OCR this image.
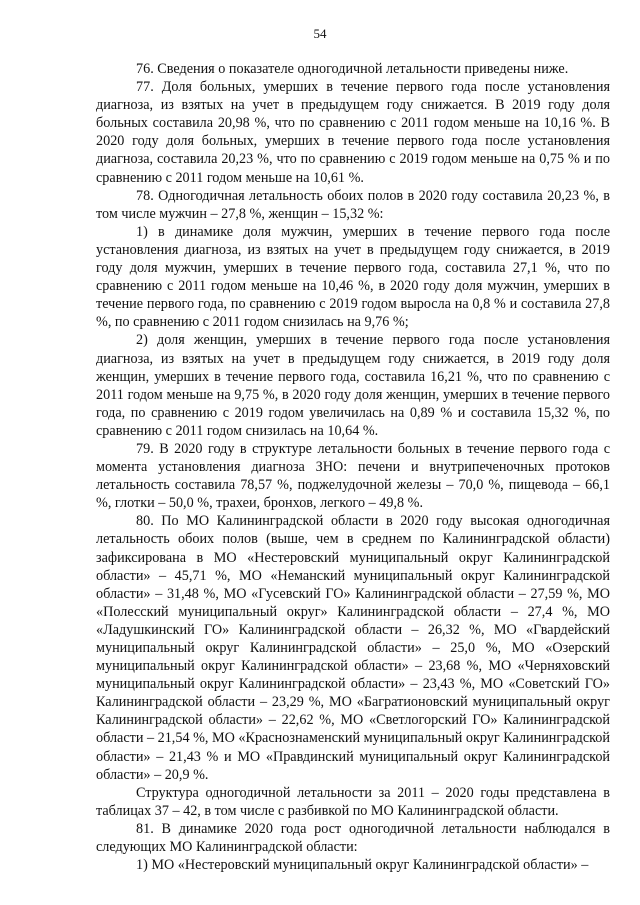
54

76. Сведения о показателе одногодичной летальности приведены ниже.

77. Доля больных, умерших в течение первого года после установления диагноза, из взятых на учет в предыдущем году снижается. В 2019 году доля больных составила 20,98 %, что по сравнению с 2011 годом меньше на 10,16 %. В 2020 году доля больных, умерших в течение первого года после установления диагноза, составила 20,23 %, что по сравнению с 2019 годом меньше на 0,75 % и по сравнению с 2011 годом меньше на 10,61 %.

78. Одногодичная летальность обоих полов в 2020 году составила 20,23 %, в том числе мужчин – 27,8 %, женщин – 15,32 %:

1) в динамике доля мужчин, умерших в течение первого года после установления диагноза, из взятых на учет в предыдущем году снижается, в 2019 году доля мужчин, умерших в течение первого года, составила 27,1 %, что по сравнению с 2011 годом меньше на 10,46 %, в 2020 году доля мужчин, умерших в течение первого года, по сравнению с 2019 годом выросла на 0,8 % и составила 27,8 %, по сравнению с 2011 годом снизилась на 9,76 %;

2) доля женщин, умерших в течение первого года после установления диагноза, из взятых на учет в предыдущем году снижается, в 2019 году доля женщин, умерших в течение первого года, составила 16,21 %, что по сравнению с 2011 годом меньше на 9,75 %, в 2020 году доля женщин, умерших в течение первого года, по сравнению с 2019 годом увеличилась на 0,89 % и составила 15,32 %, по сравнению с 2011 годом снизилась на 10,64 %.

79. В 2020 году в структуре летальности больных в течение первого года с момента установления диагноза ЗНО: печени и внутрипеченочных протоков летальность составила 78,57 %, поджелудочной железы – 70,0 %, пищевода – 66,1 %, глотки – 50,0 %, трахеи, бронхов, легкого – 49,8 %.

80. По МО Калининградской области в 2020 году высокая одногодичная летальность обоих полов (выше, чем в среднем по Калининградской области) зафиксирована в МО «Нестеровский муниципальный округ Калининградской области» – 45,71 %, МО «Неманский муниципальный округ Калининградской области» – 31,48 %, МО «Гусевский ГО» Калининградской области – 27,59 %, МО «Полесский муниципальный округ» Калининградской области – 27,4 %, МО «Ладушкинский ГО» Калининградской области – 26,32 %, МО «Гвардейский муниципальный округ Калининградской области» – 25,0 %, МО «Озерский муниципальный округ Калининградской области» – 23,68 %, МО «Черняховский муниципальный округ Калининградской области» – 23,43 %, МО «Советский ГО» Калининградской области – 23,29 %, МО «Багратионовский муниципальный округ Калининградской области» – 22,62 %, МО «Светлогорский ГО» Калининградской области – 21,54 %, МО «Краснознаменский муниципальный округ Калининградской области» – 21,43 % и МО «Правдинский муниципальный округ Калининградской области» – 20,9 %.

Структура одногодичной летальности за 2011 – 2020 годы представлена в таблицах 37 – 42, в том числе с разбивкой по МО Калининградской области.

81. В динамике 2020 года рост одногодичной летальности наблюдался в следующих МО Калининградской области:

1) МО «Нестеровский муниципальный округ Калининградской области» –
